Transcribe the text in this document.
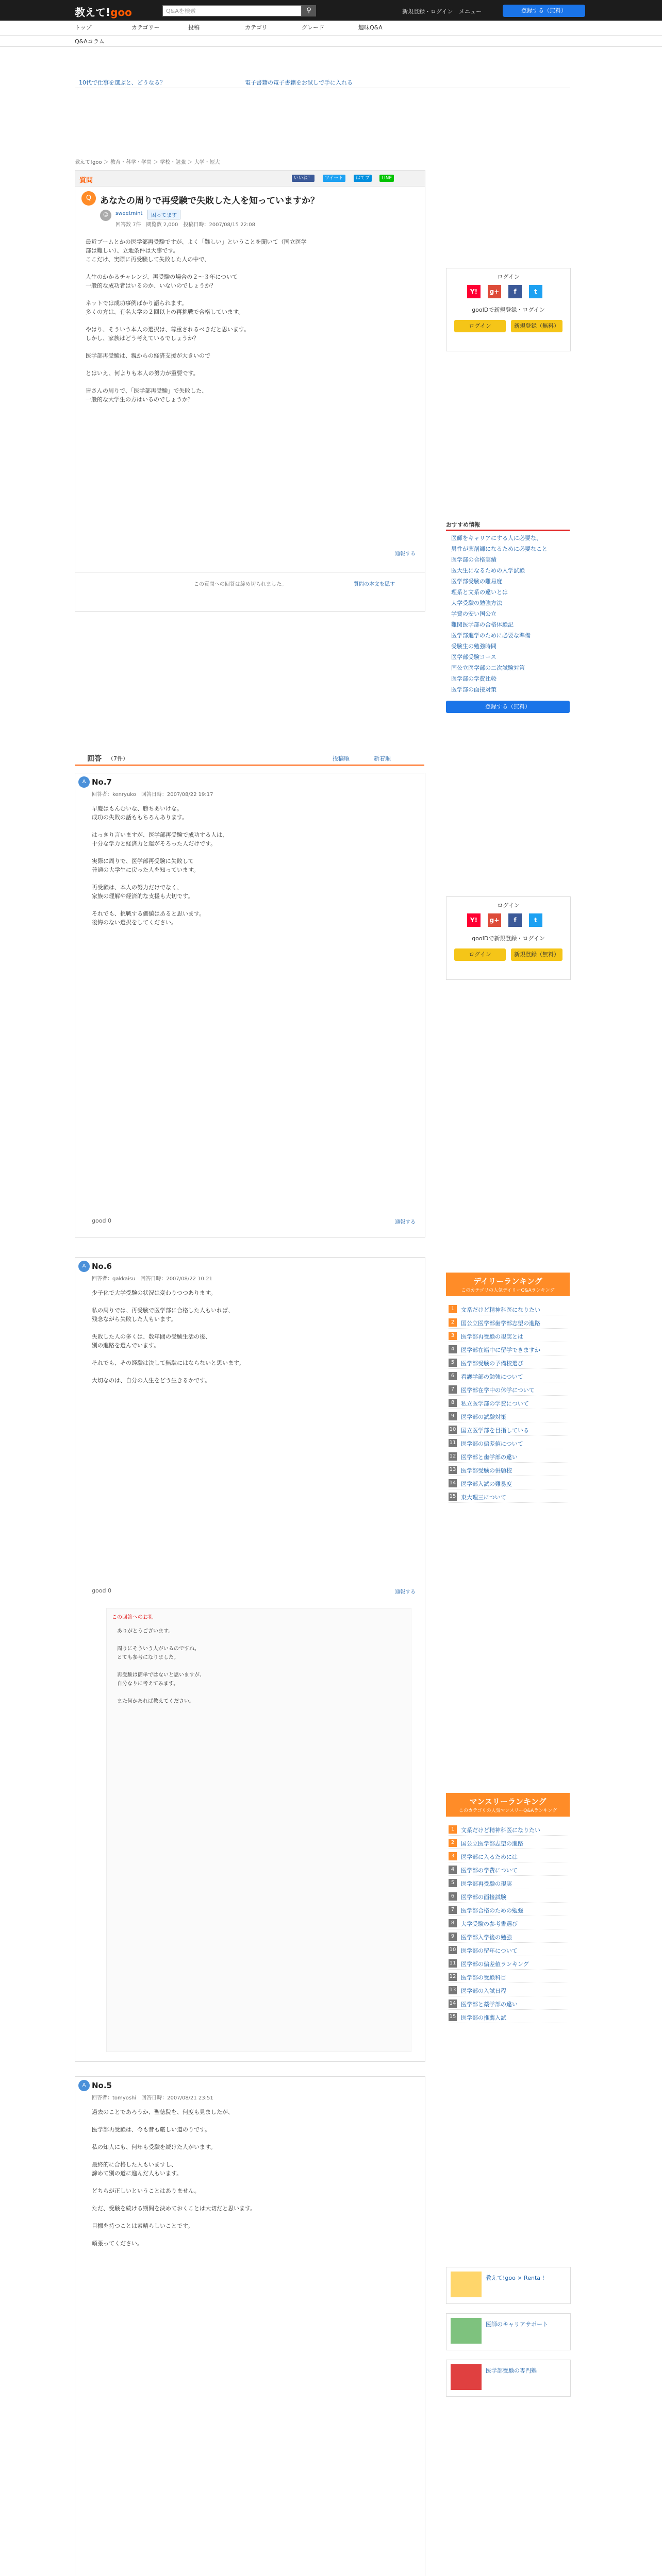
教えて!goo	Q&Aを検索	⚲	新規登録・ログイン メニュー	登録する（無料）
トップ	カテゴリー	投稿	カテゴリ	グレード	趣味Q&A
Q&Aコラム
10代で仕事を選ぶと、どうなる？	電子書籍の電子書籍をお試しで手に入れる
教えて!goo ＞ 教育・科学・学問 ＞ 学校・勉強 ＞ 大学・短大
質問	いいね！	ツイート	はてブ	LINE
Q あなたの周りで再受験で失敗した人を知っていますか？
☺	sweetmint	困ってます
回答数 7件　閲覧数 2,000　投稿日時：2007/08/15 22:08
最近ブームとかの医学部再受験ですが、よく「難しい」ということを聞いて（国立医学
部は難しい）、立地条件は大事です。
ここだけ、実際に再受験して失敗した人の中で、

人生のかかるチャレンジ、再受験の場合の２〜３年について
一般的な成功者はいるのか、いないのでしょうか？

ネットでは成功事例ばかり語られます。
多くの方は、有名大学の２回以上の再挑戦で合格しています。

やはり、そういう本人の選択は、尊重されるべきだと思います。
しかし、家族はどう考えているでしょうか？

医学部再受験は、親からの経済支援が大きいので

とはいえ、何よりも本人の努力が重要です。

皆さんの周りで、「医学部再受験」で失敗した、
一般的な大学生の方はいるのでしょうか？
通報する
この質問への回答は締め切られました。	質問の本文を隠す
ログイン
Y!	g+	f	t
gooIDで新規登録・ログイン
ログイン	新規登録（無料）
おすすめ情報
医師をキャリアにする人に必要な、
男性が薬剤師になるために必要なこと
医学部の合格実績
医大生になるための入学試験
医学部受験の難易度
理系と文系の違いとは
大学受験の勉強方法
学費の安い国公立
難関医学部の合格体験記
医学部進学のために必要な準備
受験生の勉強時間
医学部受験コース
国公立医学部の二次試験対策
医学部の学費比較
医学部の面接対策
登録する（無料）
ログイン
Y!	g+	f	t
gooIDで新規登録・ログイン
ログイン	新規登録（無料）
デイリーランキング
このカテゴリの人気デイリーQ&Aランキング
1	文系だけど精神科医になりたい
2	国公立医学部歯学部志望の進路
3	医学部再受験の現実とは
4	医学部在籍中に留学できますか
5	医学部受験の予備校選び
6	看護学部の勉強について
7	医学部在学中の休学について
8	私立医学部の学費について
9	医学部の試験対策
10 国立医学部を目指している
11 医学部の偏差値について
12 医学部と歯学部の違い
13 医学部受験の併願校
14 医学部入試の難易度
15 東大理三について
マンスリーランキング
このカテゴリの人気マンスリーQ&Aランキング
1	文系だけど精神科医になりたい
2	国公立医学部志望の進路
3	医学部に入るためには
4	医学部の学費について
5	医学部再受験の現実
6	医学部の面接試験
7	医学部合格のための勉強
8	大学受験の参考書選び
9	医学部入学後の勉強
10 医学部の留年について
11 医学部の偏差値ランキング
12 医学部の受験科目
13 医学部の入試日程
14 医学部と薬学部の違い
15 医学部の推薦入試
教えて!goo × Renta !
医師のキャリアサポート
医学部受験の専門塾
回答 （7件）	投稿順	新着順
A No.7
回答者：kenryuko　回答日時：2007/08/22 19:17
早慶はもんむいな、勝ちあいけな。
成功の失敗の話ももちろんあります。

はっきり言いますが、医学部再受験で成功する人は、
十分な学力と経済力と運がそろった人だけです。

実際に周りで、医学部再受験に失敗して
普通の大学生に戻った人を知っています。

再受験は、本人の努力だけでなく、
家族の理解や経済的な支援も大切です。

それでも、挑戦する価値はあると思います。
後悔のない選択をしてください。
good 0	通報する
A No.6
回答者：gakkaisu　回答日時：2007/08/22 10:21
少子化で大学受験の状況は変わりつつあります。

私の周りでは、再受験で医学部に合格した人もいれば、
残念ながら失敗した人もいます。

失敗した人の多くは、数年間の受験生活の後、
別の進路を選んでいます。

それでも、その経験は決して無駄にはならないと思います。

大切なのは、自分の人生をどう生きるかです。
good 0	通報する
この回答へのお礼
ありがとうございます。

周りにそういう人がいるのですね。
とても参考になりました。

再受験は簡単ではないと思いますが、
自分なりに考えてみます。

また何かあれば教えてください。
A No.5
回答者：tomyoshi　回答日時：2007/08/21 23:51
過去のことであろうか、聖徳院を、何度も見ましたが、

医学部再受験は、今も昔も厳しい道のりです。

私の知人にも、何年も受験を続けた人がいます。

最終的に合格した人もいますし、
諦めて別の道に進んだ人もいます。

どちらが正しいということはありません。

ただ、受験を続ける期間を決めておくことは大切だと思います。

目標を持つことは素晴らしいことです。

頑張ってください。
